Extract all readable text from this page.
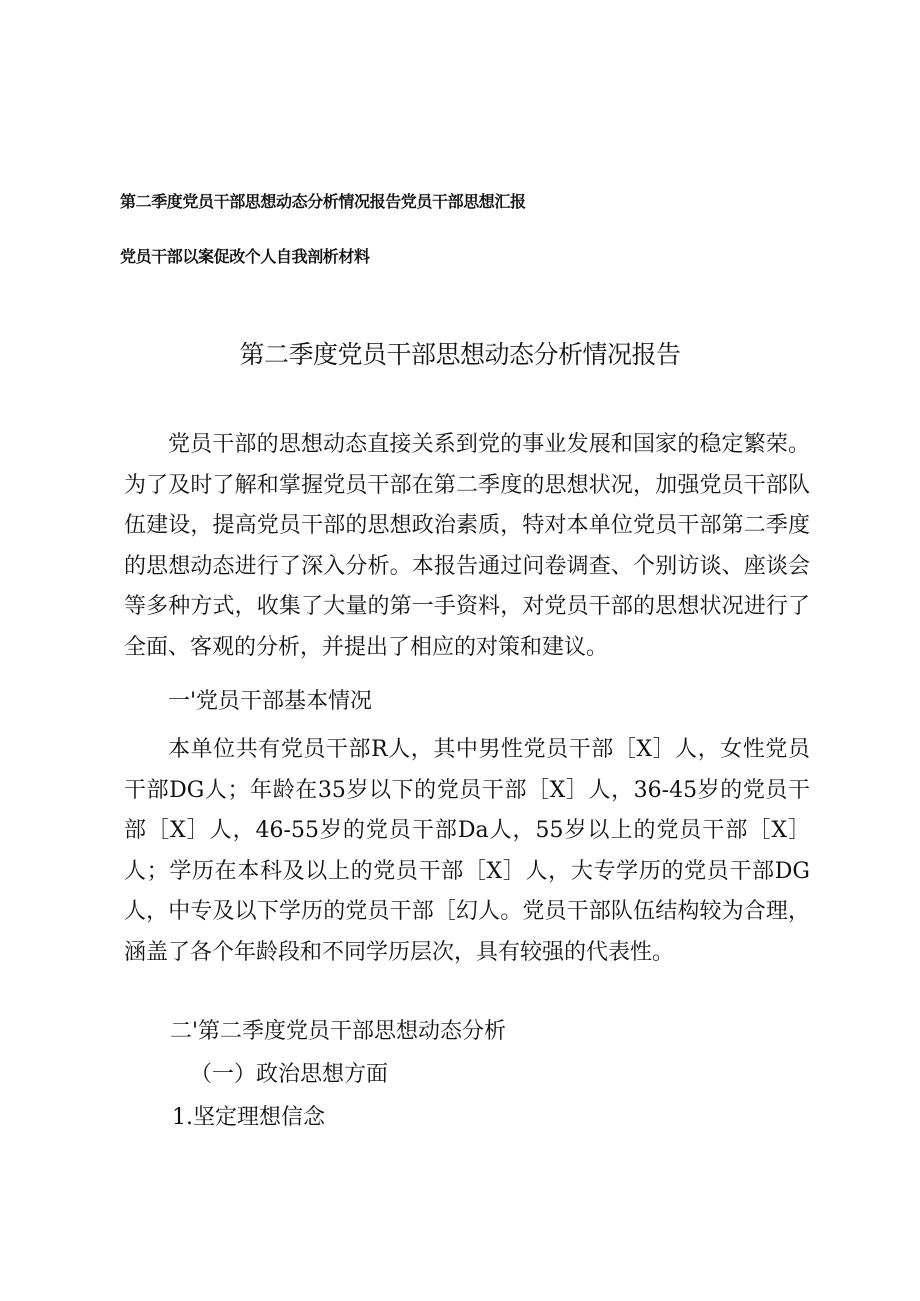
第二季度党员干部思想动态分析情况报告党员干部思想汇报
党员干部以案促改个人自我剖析材料
第二季度党员干部思想动态分析情况报告

党员干部的思想动态直接关系到党的事业发展和国家的稳定繁荣。为了及时了解和掌握党员干部在第二季度的思想状况，加强党员干部队伍建设，提高党员干部的思想政治素质，特对本单位党员干部第二季度的思想动态进行了深入分析。本报告通过问卷调查、个别访谈、座谈会等多种方式，收集了大量的第一手资料，对党员干部的思想状况进行了全面、客观的分析，并提出了相应的对策和建议。

一'党员干部基本情况

本单位共有党员干部R人，其中男性党员干部［X］人，女性党员干部DG人；年龄在35岁以下的党员干部［X］人，36-45岁的党员干部［X］人，46-55岁的党员干部Da人，55岁以上的党员干部［X］人；学历在本科及以上的党员干部［X］人，大专学历的党员干部DG人，中专及以下学历的党员干部［幻人。党员干部队伍结构较为合理，涵盖了各个年龄段和不同学历层次，具有较强的代表性。

二'第二季度党员干部思想动态分析

（一）政治思想方面

1.坚定理想信念
